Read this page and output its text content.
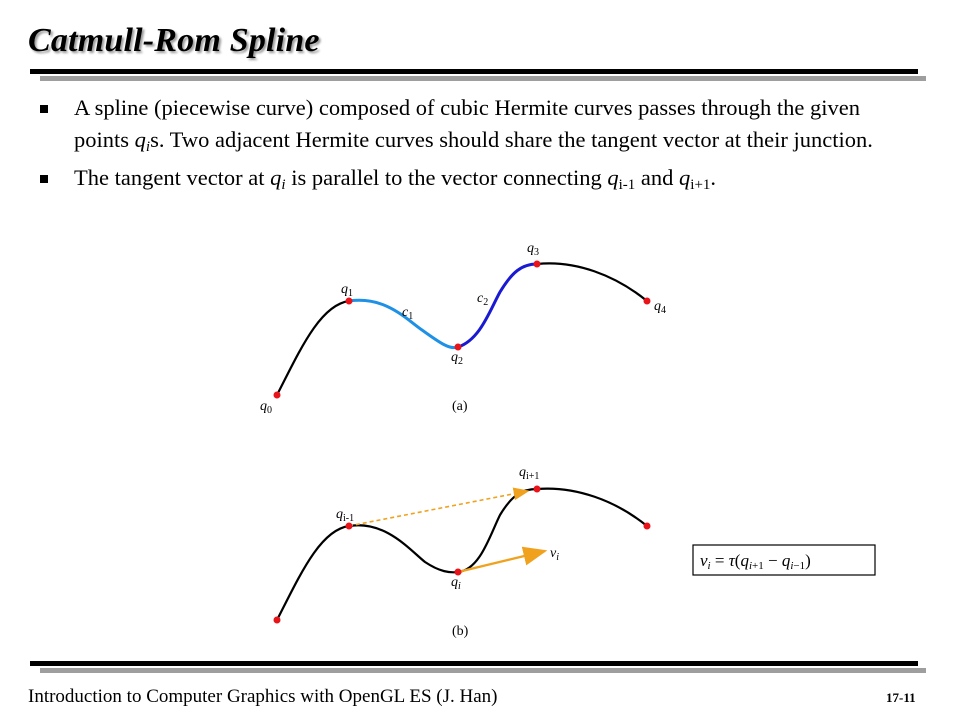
Catmull-Rom Spline
A spline (piecewise curve) composed of cubic Hermite curves passes through the given points $q_is$. Two adjacent Hermite curves should share the tangent vector at their junction.
The tangent vector at $q_i$ is parallel to the vector connecting $q_{i-1}$ and $q_{i+1}$.
$q_0$
$q_1$
$q_2$
$q_3$
$q_4$
$c_1$
$c_2$
(a)
$q_{i-1}$
$q_i$
$q_{i+1}$
$v_i$
(b)
vi = τ(qi+1 − qi−1)
Introduction to Computer Graphics with OpenGL ES (J. Han)	17-11
